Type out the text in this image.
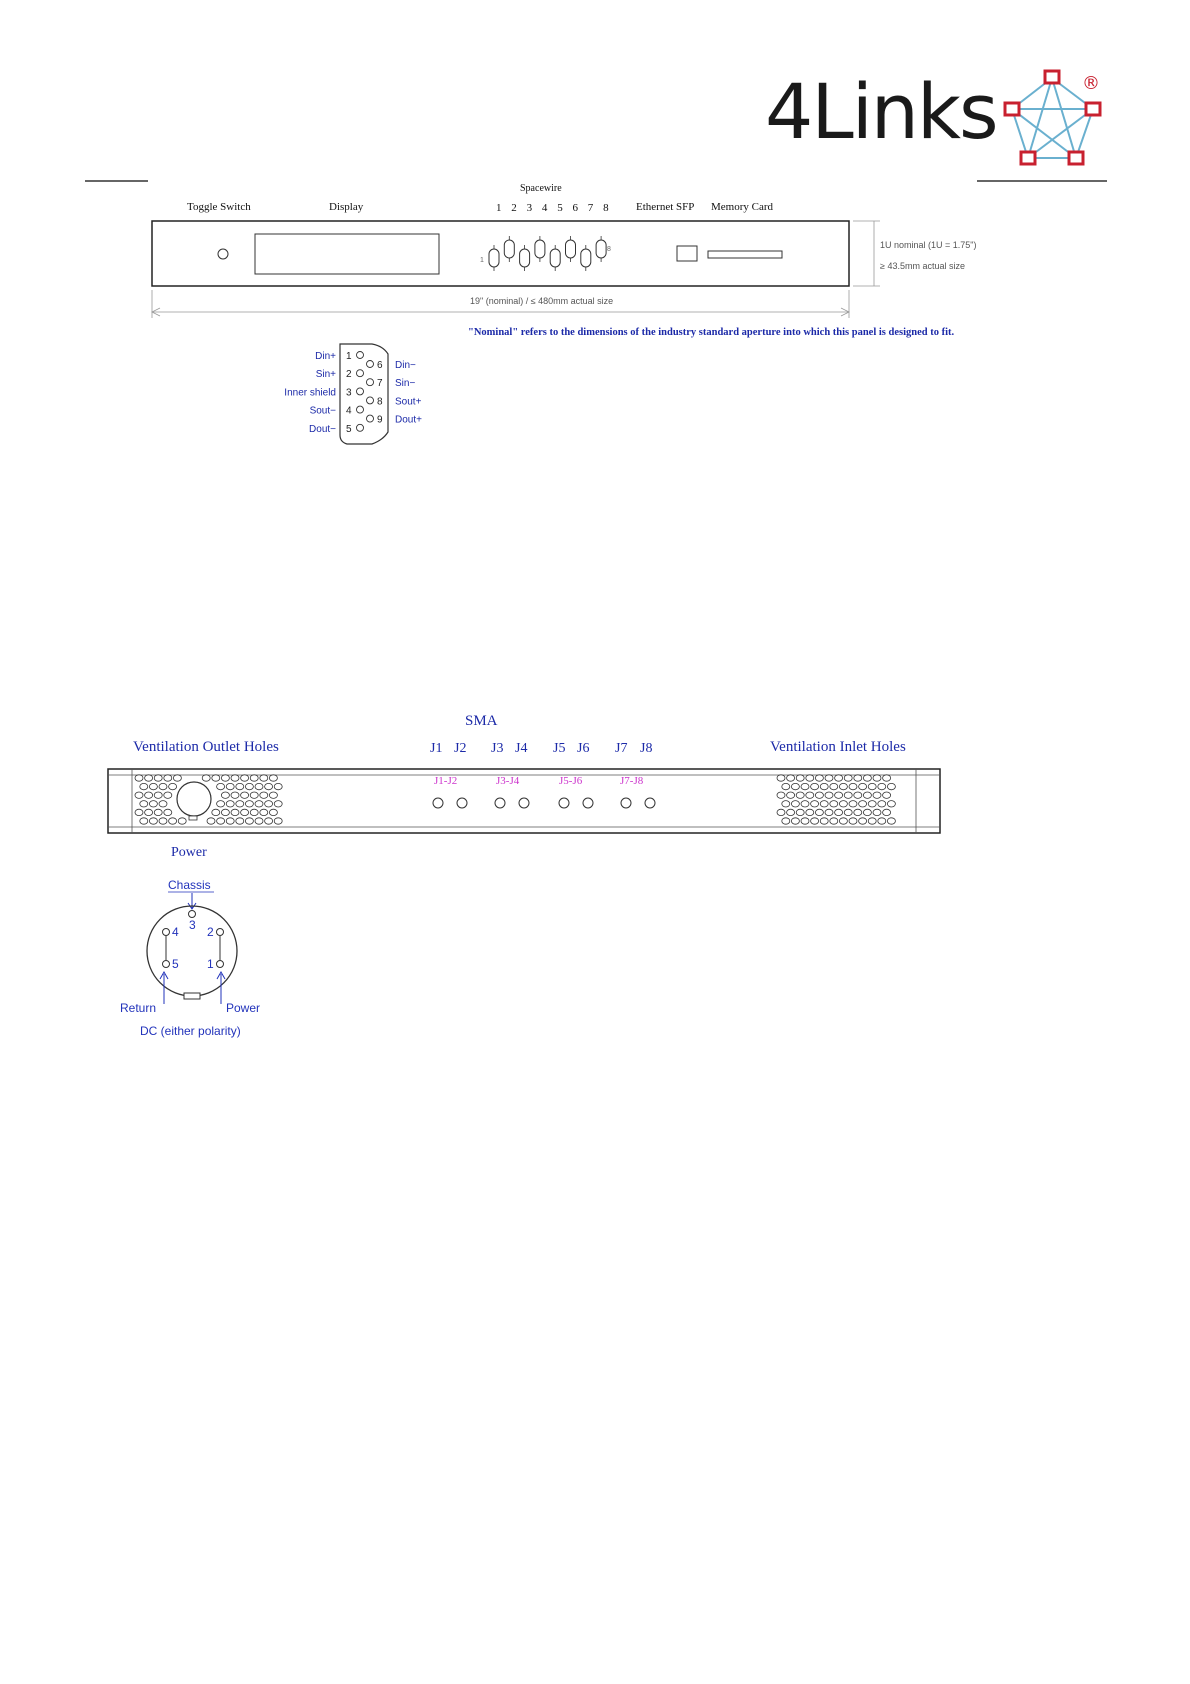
4Links	®
Toggle Switch	Display
Spacewire
1 2 3 4 5 6 7 8 Ethernet SFP Memory Card
1
8	1U nominal (1U = 1.75")
≥ 43.5mm actual size
19" (nominal) / ≤ 480mm actual size
"Nominal" refers to the dimensions of the industry standard aperture into which this panel is designed to fit.
Din+ 1
Sin+ 2
Inner shield 3
Sout− 4
Dout− 5
6 Din−
7 Sin−
8 Sout+
9 Dout+
SMA
Ventilation Outlet Holes	Ventilation Inlet Holes
J1 J2 J3 J4 J5 J6 J7 J8
J1-J2	J3-J4	J5-J6	J7-J8
Power
Chassis
3
4 2
5 1
Return	Power
DC (either polarity)
